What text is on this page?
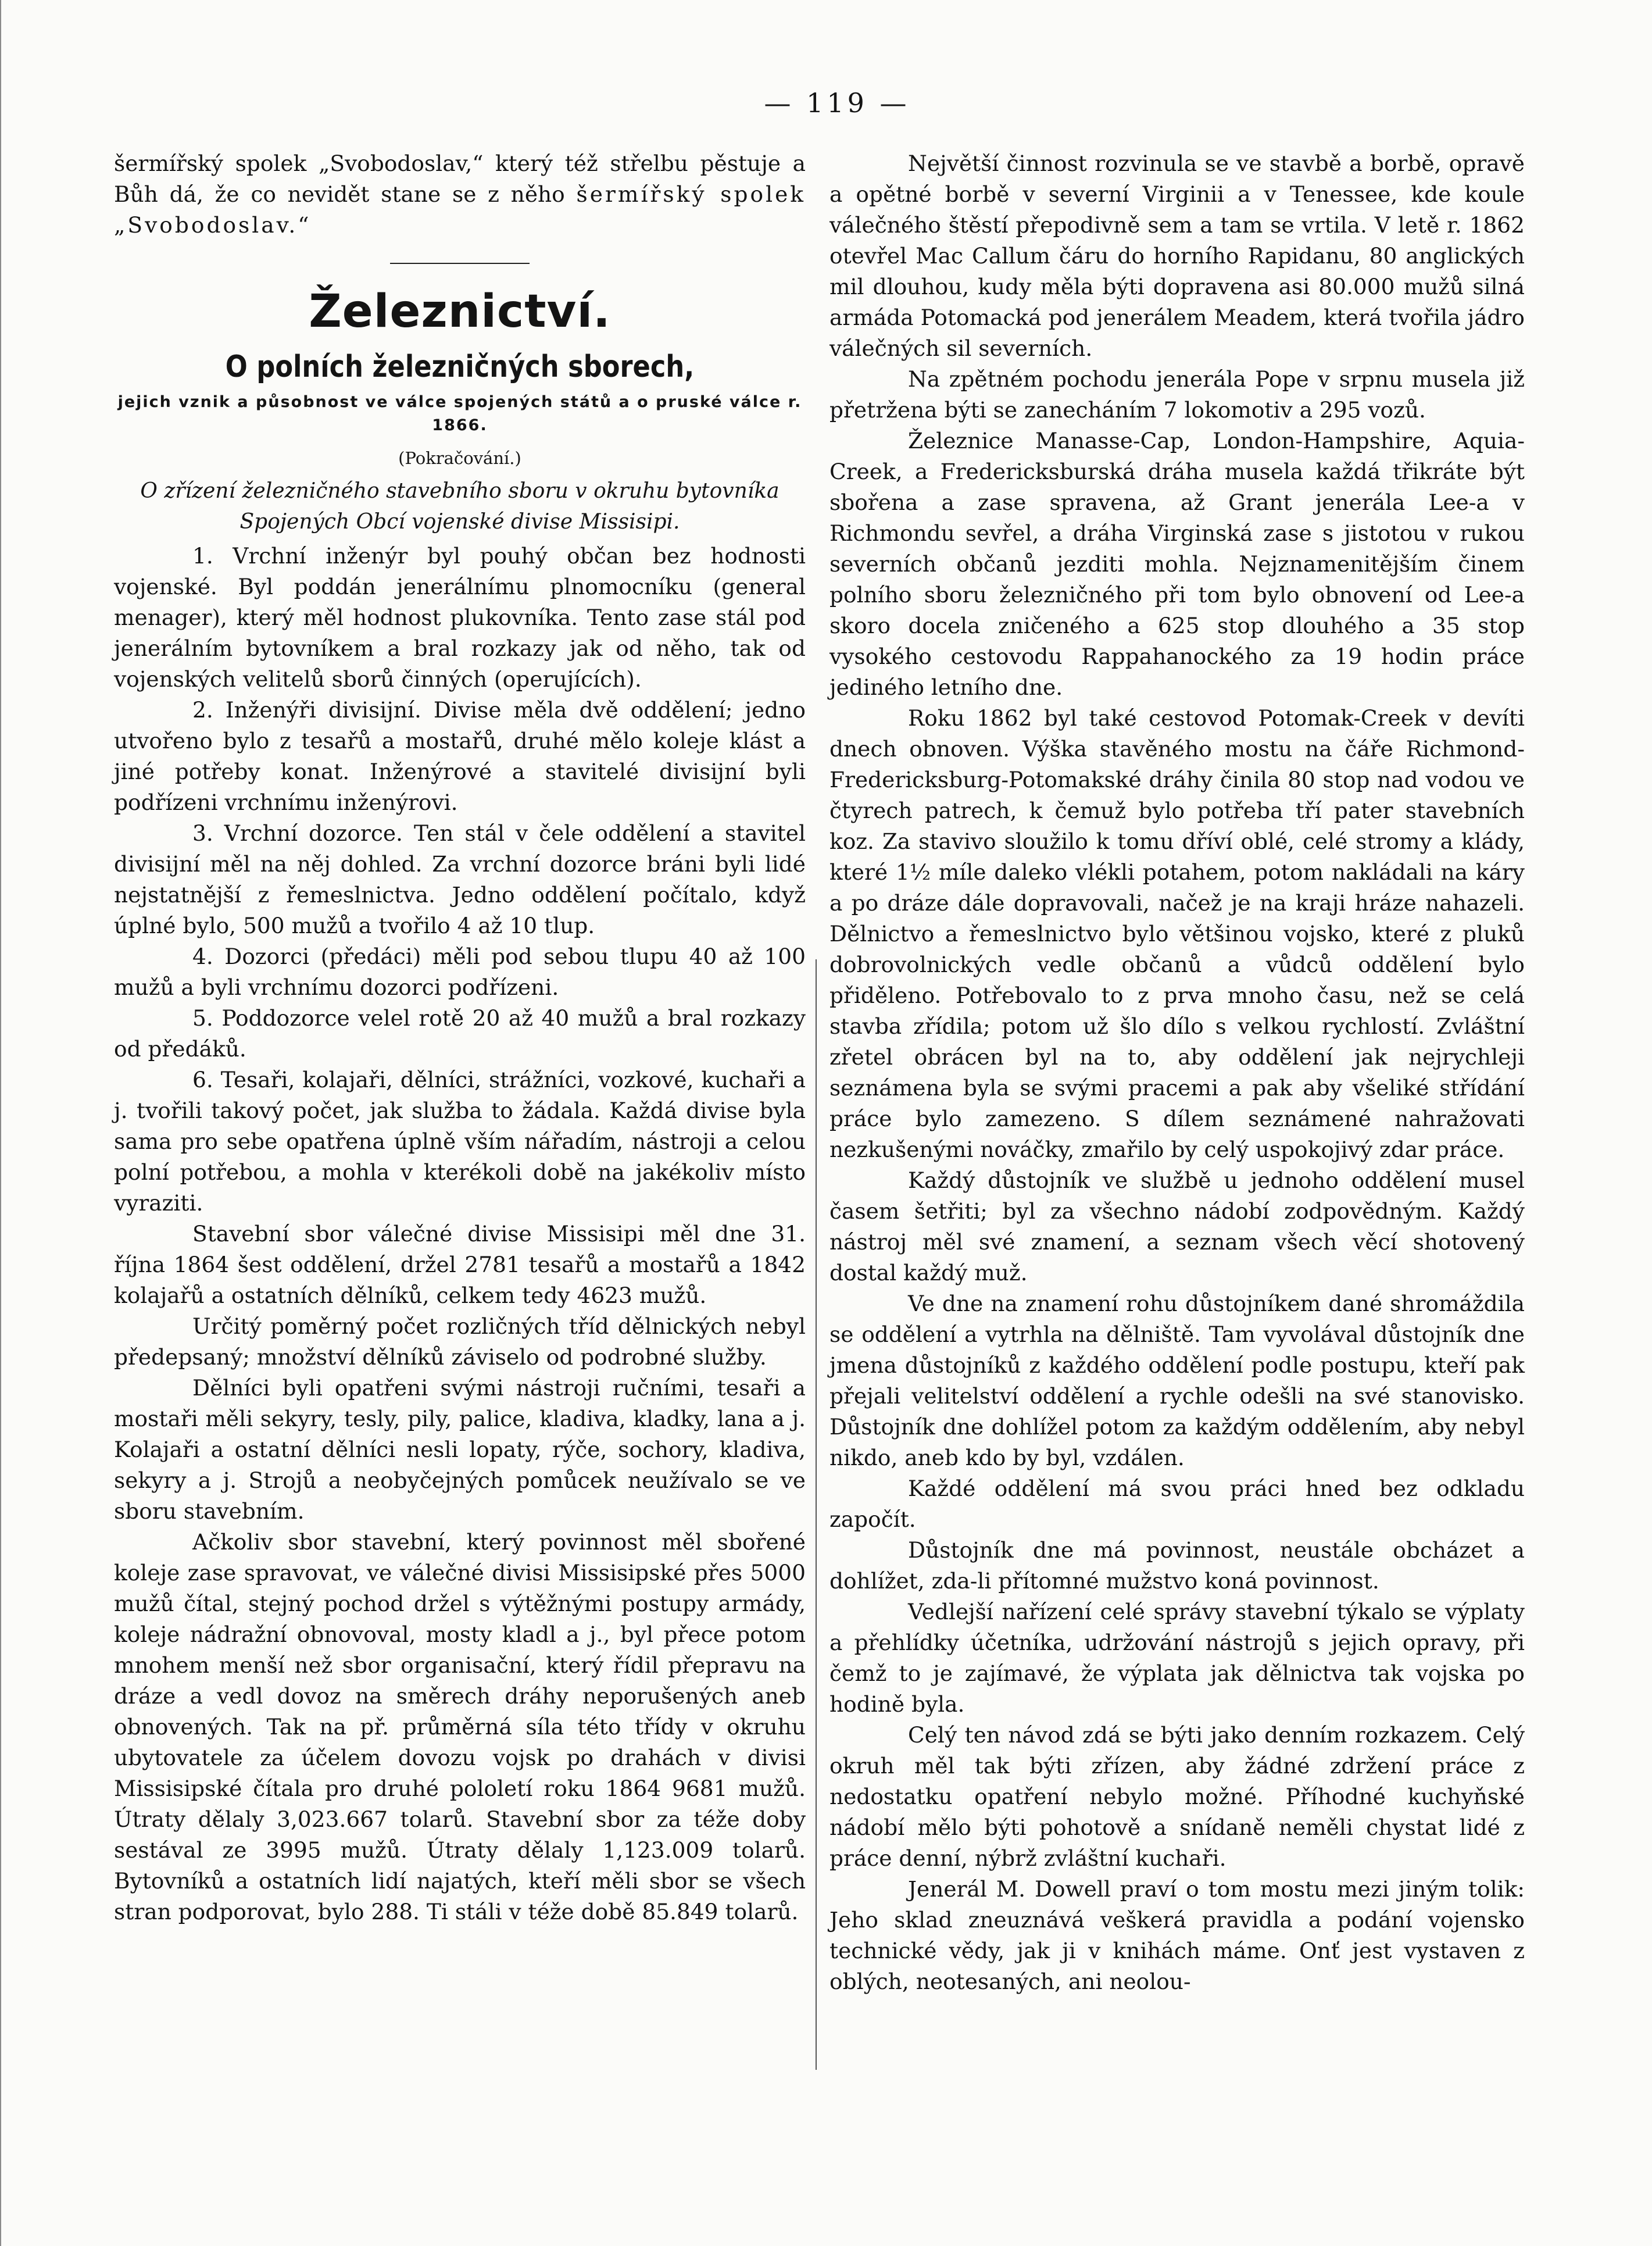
— 119 —

šermířský spolek „Svobodoslav,“ který též střelbu pěstuje a Bůh dá, že co nevidět stane se z něho šermířský spolek „Svobodoslav.“

Železnictví.
O polních železničných sborech,
jejich vznik a působnost ve válce spojených států a o pruské válce r. 1866.
(Pokračování.)
O zřízení železničného stavebního sboru v okruhu bytovníka Spojených Obcí vojenské divise Missisipi.

1. Vrchní inženýr byl pouhý občan bez hodnosti vojenské. Byl poddán jenerálnímu plnomocníku (general menager), který měl hodnost plukovníka. Tento zase stál pod jenerálním bytovníkem a bral rozkazy jak od něho, tak od vojenských velitelů sborů činných (operujících).

2. Inženýři divisijní. Divise měla dvě oddělení; jedno utvořeno bylo z tesařů a mostařů, druhé mělo koleje klást a jiné potřeby konat. Inženýrové a stavitelé divisijní byli podřízeni vrchnímu inženýrovi.

3. Vrchní dozorce. Ten stál v čele oddělení a stavitel divisijní měl na něj dohled. Za vrchní dozorce bráni byli lidé nejstatnější z řemeslnictva. Jedno oddělení počítalo, když úplné bylo, 500 mužů a tvořilo 4 až 10 tlup.

4. Dozorci (předáci) měli pod sebou tlupu 40 až 100 mužů a byli vrchnímu dozorci podřízeni.

5. Poddozorce velel rotě 20 až 40 mužů a bral rozkazy od předáků.

6. Tesaři, kolajaři, dělníci, strážníci, vozkové, kuchaři a j. tvořili takový počet, jak služba to žádala. Každá divise byla sama pro sebe opatřena úplně vším nářadím, nástroji a celou polní potřebou, a mohla v kterékoli době na jakékoliv místo vyraziti.

Stavební sbor válečné divise Missisipi měl dne 31. října 1864 šest oddělení, držel 2781 tesařů a mostařů a 1842 kolajařů a ostatních dělníků, celkem tedy 4623 mužů.

Určitý poměrný počet rozličných tříd dělnických nebyl předepsaný; množství dělníků záviselo od podrobné služby.

Dělníci byli opatřeni svými nástroji ručními, tesaři a mostaři měli sekyry, tesly, pily, palice, kladiva, kladky, lana a j. Kolajaři a ostatní dělníci nesli lopaty, rýče, sochory, kladiva, sekyry a j. Strojů a neobyčejných pomůcek neužívalo se ve sboru stavebním.

Ačkoliv sbor stavební, který povinnost měl sbořené koleje zase spravovat, ve válečné divisi Missisipské přes 5000 mužů čítal, stejný pochod držel s výtěžnými postupy armády, koleje nádražní obnovoval, mosty kladl a j., byl přece potom mnohem menší než sbor organisační, který řídil přepravu na dráze a vedl dovoz na směrech dráhy neporušených aneb obnovených. Tak na př. průměrná síla této třídy v okruhu ubytovatele za účelem dovozu vojsk po drahách v divisi Missisipské čítala pro druhé pololetí roku 1864 9681 mužů. Útraty dělaly 3,023.667 tolarů. Stavební sbor za téže doby sestával ze 3995 mužů. Útraty dělaly 1,123.009 tolarů. Bytovníků a ostatních lidí najatých, kteří měli sbor se všech stran podporovat, bylo 288. Ti stáli v téže době 85.849 tolarů.

Největší činnost rozvinula se ve stavbě a borbě, opravě a opětné borbě v severní Virginii a v Tenessee, kde koule válečného štěstí přepodivně sem a tam se vrtila. V letě r. 1862 otevřel Mac Callum čáru do horního Rapidanu, 80 anglických mil dlouhou, kudy měla býti dopravena asi 80.000 mužů silná armáda Potomacká pod jenerálem Meadem, která tvořila jádro válečných sil severních.

Na zpětném pochodu jenerála Pope v srpnu musela již přetržena býti se zanecháním 7 lokomotiv a 295 vozů.

Železnice Manasse-Cap, London-Hampshire, Aquia-Creek, a Fredericksburská dráha musela každá třikráte být sbořena a zase spravena, až Grant jenerála Lee-a v Richmondu sevřel, a dráha Virginská zase s jistotou v rukou severních občanů jezditi mohla. Nejznamenitějším činem polního sboru železničného při tom bylo obnovení od Lee-a skoro docela zničeného a 625 stop dlouhého a 35 stop vysokého cestovodu Rappahanockého za 19 hodin práce jediného letního dne.

Roku 1862 byl také cestovod Potomak-Creek v devíti dnech obnoven. Výška stavěného mostu na čáře Richmond-Fredericksburg-Potomakské dráhy činila 80 stop nad vodou ve čtyrech patrech, k čemuž bylo potřeba tří pater stavebních koz. Za stavivo sloužilo k tomu dříví oblé, celé stromy a klády, které 1½ míle daleko vlékli potahem, potom nakládali na káry a po dráze dále dopravovali, načež je na kraji hráze nahazeli. Dělnictvo a řemeslnictvo bylo většinou vojsko, které z pluků dobrovolnických vedle občanů a vůdců oddělení bylo přiděleno. Potřebovalo to z prva mnoho času, než se celá stavba zřídila; potom už šlo dílo s velkou rychlostí. Zvláštní zřetel obrácen byl na to, aby oddělení jak nejrychleji seznámena byla se svými pracemi a pak aby všeliké střídání práce bylo zamezeno. S dílem seznámené nahražovati nezkušenými nováčky, zmařilo by celý uspokojivý zdar práce.

Každý důstojník ve službě u jednoho oddělení musel časem šetřiti; byl za všechno nádobí zodpovědným. Každý nástroj měl své znamení, a seznam všech věcí shotovený dostal každý muž.

Ve dne na znamení rohu důstojníkem dané shromáždila se oddělení a vytrhla na dělniště. Tam vyvolával důstojník dne jmena důstojníků z každého oddělení podle postupu, kteří pak přejali velitelství oddělení a rychle odešli na své stanovisko. Důstojník dne dohlížel potom za každým oddělením, aby nebyl nikdo, aneb kdo by byl, vzdálen.

Každé oddělení má svou práci hned bez odkladu započít.

Důstojník dne má povinnost, neustále obcházet a dohlížet, zda-li přítomné mužstvo koná povinnost.

Vedlejší nařízení celé správy stavební týkalo se výplaty a přehlídky účetníka, udržování nástrojů s jejich opravy, při čemž to je zajímavé, že výplata jak dělnictva tak vojska po hodině byla.

Celý ten návod zdá se býti jako denním rozkazem. Celý okruh měl tak býti zřízen, aby žádné zdržení práce z nedostatku opatření nebylo možné. Příhodné kuchyňské nádobí mělo býti pohotově a snídaně neměli chystat lidé z práce denní, nýbrž zvláštní kuchaři.

Jenerál M. Dowell praví o tom mostu mezi jiným tolik: Jeho sklad zneuznává veškerá pravidla a podání vojensko technické vědy, jak ji v knihách máme. Onť jest vystaven z oblých, neotesaných, ani neolou-
